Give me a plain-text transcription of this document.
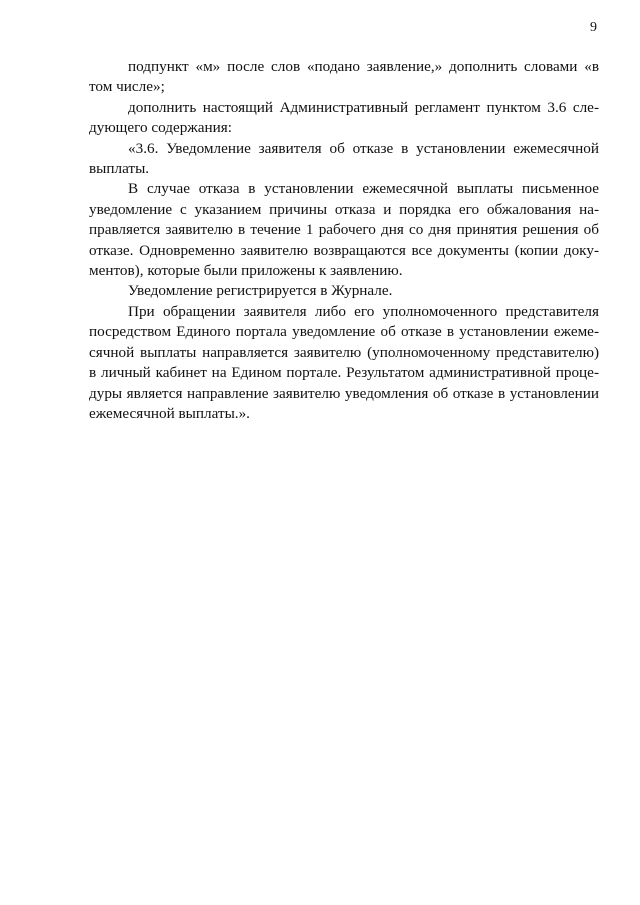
9

подпункт «м» после слов «подано заявление,» дополнить словами «в том числе»;

дополнить настоящий Административный регламент пунктом 3.6 следующего содержания:

«3.6. Уведомление заявителя об отказе в установлении ежемесячной выплаты.

В случае отказа в установлении ежемесячной выплаты письменное уведомление с указанием причины отказа и порядка его обжалования направляется заявителю в течение 1 рабочего дня со дня принятия решения об отказе. Одновременно заявителю возвращаются все документы (копии документов), которые были приложены к заявлению.

Уведомление регистрируется в Журнале.

При обращении заявителя либо его уполномоченного представителя посредством Единого портала уведомление об отказе в установлении ежемесячной выплаты направляется заявителю (уполномоченному представителю) в личный кабинет на Едином портале. Результатом административной процедуры является направление заявителю уведомления об отказе в установлении ежемесячной выплаты.».
